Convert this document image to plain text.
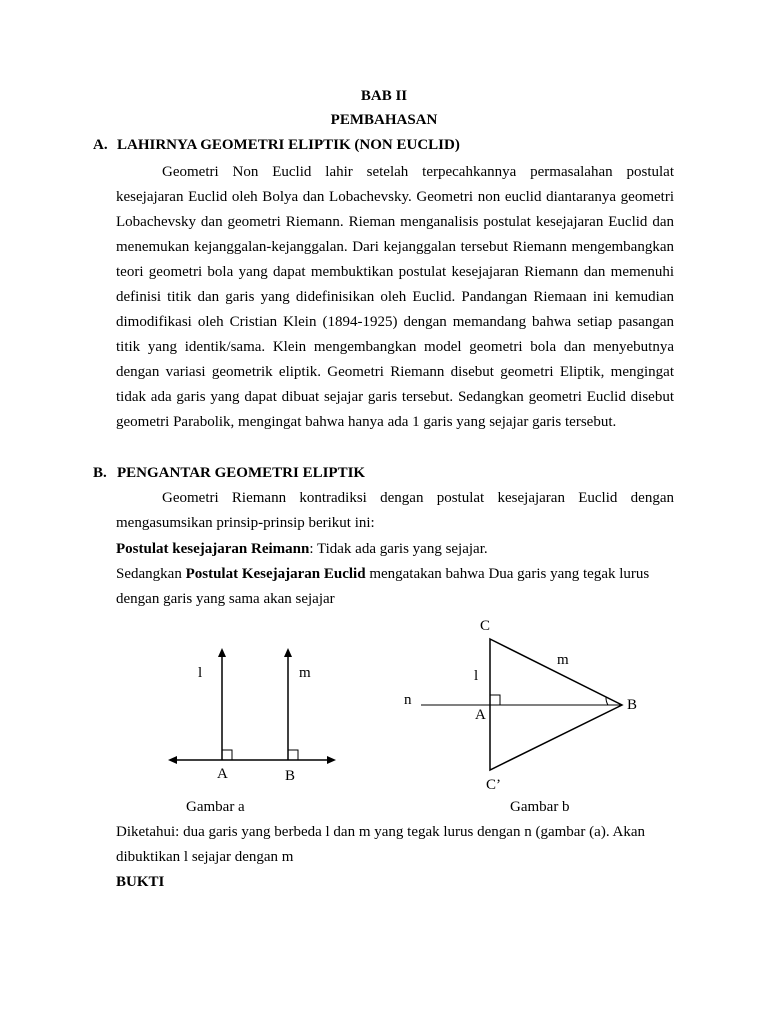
BAB II
PEMBAHASAN
A. LAHIRNYA GEOMETRI ELIPTIK (NON EUCLID)

Geometri Non Euclid lahir setelah terpecahkannya permasalahan postulat kesejajaran Euclid oleh Bolya dan Lobachevsky. Geometri non euclid diantaranya geometri Lobachevsky dan geometri Riemann. Rieman menganalisis postulat kesejajaran Euclid dan menemukan kejanggalan-kejanggalan. Dari kejanggalan tersebut Riemann mengembangkan teori geometri bola yang dapat membuktikan postulat kesejajaran Riemann dan memenuhi definisi titik dan garis yang didefinisikan oleh Euclid. Pandangan Riemaan ini kemudian dimodifikasi oleh Cristian Klein (1894-1925) dengan memandang bahwa setiap pasangan titik yang identik/sama. Klein mengembangkan model geometri bola dan menyebutnya dengan variasi geometrik eliptik. Geometri Riemann disebut geometri Eliptik, mengingat tidak ada garis yang dapat dibuat sejajar garis tersebut. Sedangkan geometri Euclid disebut geometri Parabolik, mengingat bahwa hanya ada 1 garis yang sejajar garis tersebut.

B. PENGANTAR GEOMETRI ELIPTIK

Geometri Riemann kontradiksi dengan postulat kesejajaran Euclid dengan mengasumsikan prinsip-prinsip berikut ini:

Postulat kesejajaran Reimann: Tidak ada garis yang sejajar.
Sedangkan Postulat Kesejajaran Euclid mengatakan bahwa Dua garis yang tegak lurus
dengan garis yang sama akan sejajar
l	m
A	B
C
m
l
n
A
B
C’
Gambar a	Gambar b
Diketahui: dua garis yang berbeda l dan m yang tegak lurus dengan n (gambar (a). Akan
dibuktikan l sejajar dengan m
BUKTI
